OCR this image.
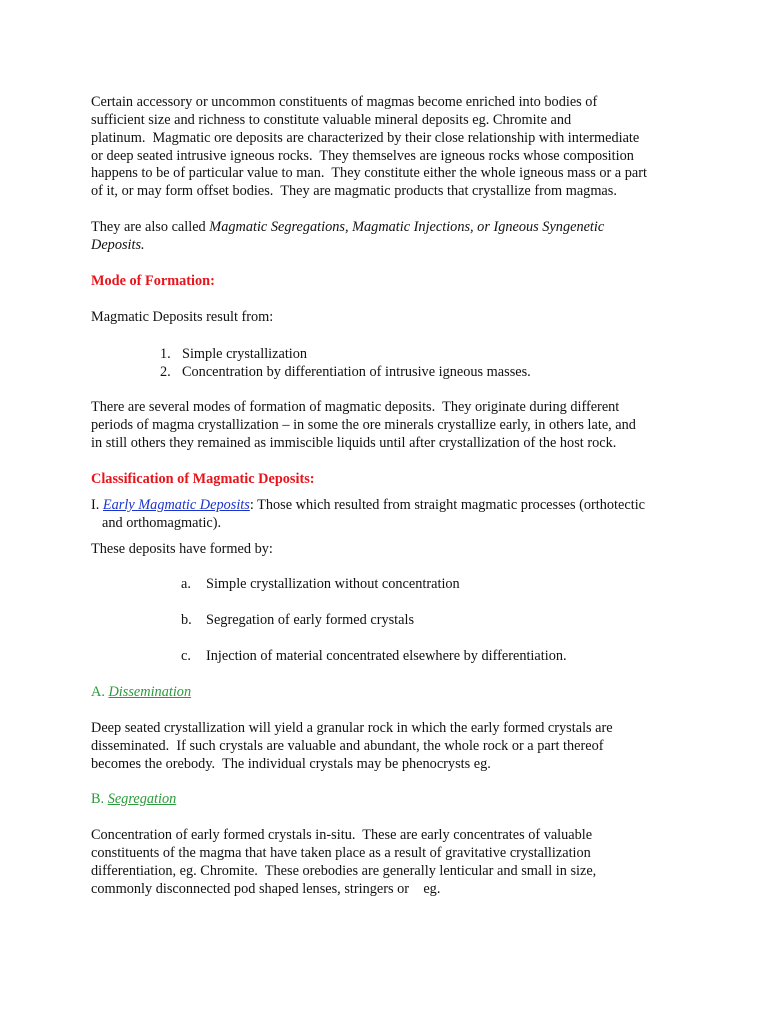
Certain accessory or uncommon constituents of magmas become enriched into bodies of

sufficient size and richness to constitute valuable mineral deposits eg. Chromite and

platinum.  Magmatic ore deposits are characterized by their close relationship with intermediate

or deep seated intrusive igneous rocks.  They themselves are igneous rocks whose composition

happens to be of particular value to man.  They constitute either the whole igneous mass or a part

of it, or may form offset bodies.  They are magmatic products that crystallize from magmas.

They are also called Magmatic Segregations, Magmatic Injections, or Igneous Syngenetic

Deposits.

Mode of Formation:

Magmatic Deposits result from:

1. Simple crystallization

2. Concentration by differentiation of intrusive igneous masses.

There are several modes of formation of magmatic deposits.  They originate during different

periods of magma crystallization – in some the ore minerals crystallize early, in others late, and

in still others they remained as immiscible liquids until after crystallization of the host rock.

Classification of Magmatic Deposits:

I. Early Magmatic Deposits: Those which resulted from straight magmatic processes (orthotectic

and orthomagmatic).

These deposits have formed by:

a. Simple crystallization without concentration

b. Segregation of early formed crystals

c. Injection of material concentrated elsewhere by differentiation.

A. Dissemination

Deep seated crystallization will yield a granular rock in which the early formed crystals are

disseminated.  If such crystals are valuable and abundant, the whole rock or a part thereof

becomes the orebody.  The individual crystals may be phenocrysts eg.

B. Segregation

Concentration of early formed crystals in-situ.  These are early concentrates of valuable

constituents of the magma that have taken place as a result of gravitative crystallization

differentiation, eg. Chromite.  These orebodies are generally lenticular and small in size,

commonly disconnected pod shaped lenses, stringers or    eg.
